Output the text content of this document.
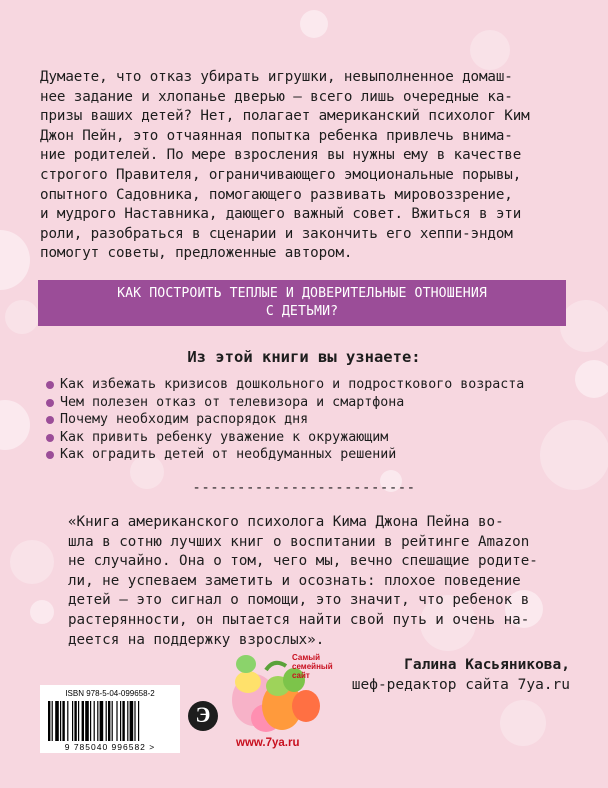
Думаете, что отказ убирать игрушки, невыполненное домаш-
нее задание и хлопанье дверью – всего лишь очередные ка-
призы ваших детей? Нет, полагает американский психолог Ким
Джон Пейн, это отчаянная попытка ребенка привлечь внима-
ние родителей. По мере взросления вы нужны ему в качестве
строгого Правителя, ограничивающего эмоциональные порывы,
опытного Садовника, помогающего развивать мировоззрение,
и мудрого Наставника, дающего важный совет. Вжиться в эти
роли, разобраться в сценарии и закончить его хеппи-эндом
помогут советы, предложенные автором.
КАК ПОСТРОИТЬ ТЕПЛЫЕ И ДОВЕРИТЕЛЬНЫЕ ОТНОШЕНИЯ
С ДЕТЬМИ?
Из этой книги вы узнаете:
Как избежать кризисов дошкольного и подросткового возраста
Чем полезен отказ от телевизора и смартфона
Почему необходим распорядок дня
Как привить ребенку уважение к окружающим
Как оградить детей от необдуманных решений
-------------------------
«Книга американского психолога Кима Джона Пейна во-
шла в сотню лучших книг о воспитании в рейтинге Amazon
не случайно. Она о том, чего мы, вечно спешащие родите-
ли, не успеваем заметить и осознать: плохое поведение
детей – это сигнал о помощи, это значит, что ребенок в
растерянности, он пытается найти свой путь и очень на-
деется на поддержку взрослых».
Галина Касьяникова,
шеф-редактор сайта 7ya.ru
ISBN 978-5-04-099658-2
9 785040 996582 >
Э
Самый семейный сайт
www.7ya.ru
